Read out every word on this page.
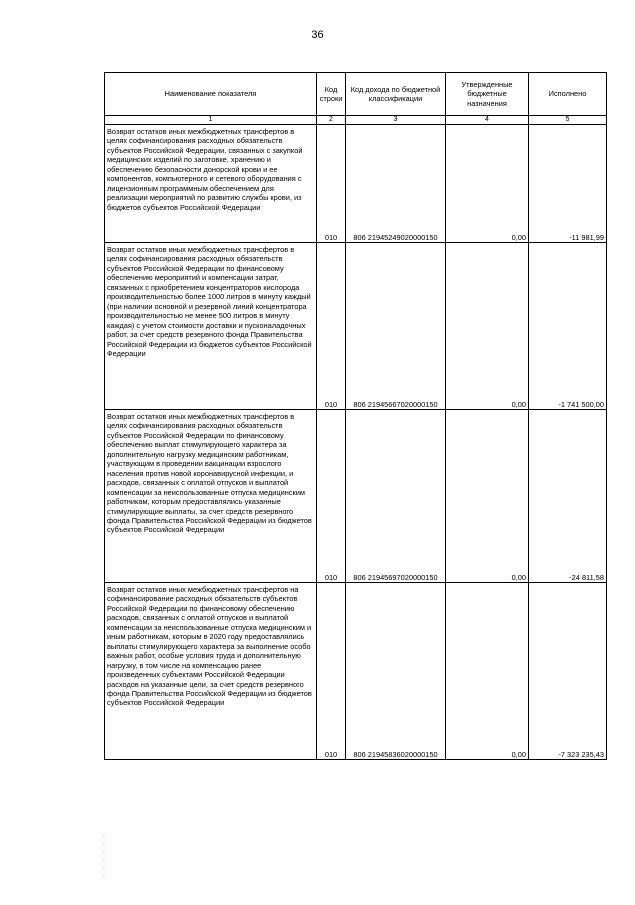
36
Наименование показателя	Код строки	Код дохода по бюджетной классификации	Утвержденные бюджетные назначения	Исполнено
1	2	3	4	5
Возврат остатков иных межбюджетных трансфертов в целях софинансирования расходных обязательств субъектов Российской Федерации, связанных с закупкой медицинских изделий по заготовке, хранению и обеспечению безопасности донорской крови и ее компонентов, компьютерного и сетевого оборудования с лицензионным программным обеспечением для реализации мероприятий по развитию службы крови, из бюджетов субъектов Российской Федерации	010	806 21945249020000150	0,00	-11 981,99
Возврат остатков иных межбюджетных трансфертов в целях софинансирования расходных обязательств субъектов Российской Федерации по финансовому обеспечению мероприятий и компенсации затрат, связанных с приобретением концентраторов кислорода производительностью более 1000 литров в минуту каждый (при наличии основной и резервной линий концентратора производительностью не менее 500 литров в минуту каждая) с учетом стоимости доставки и пусконаладочных работ, за счет средств резервного фонда Правительства Российской Федерации из бюджетов субъектов Российской Федерации	010	806 21945667020000150	0,00	-1 741 500,00
Возврат остатков иных межбюджетных трансфертов в целях софинансирования расходных обязательств субъектов Российской Федерации по финансовому обеспечению выплат стимулирующего характера за дополнительную нагрузку медицинским работникам, участвующим в проведении вакцинации взрослого населения против новой коронавирусной инфекции, и расходов, связанных с оплатой отпусков и выплатой компенсации за неиспользованные отпуска медицинским работникам, которым предоставлялись указанные стимулирующие выплаты, за счет средств резервного фонда Правительства Российской Федерации из бюджетов субъектов Российской Федерации	010	806 21945697020000150	0,00	-24 811,58
Возврат остатков иных межбюджетных трансфертов на софинансирование расходных обязательств субъектов Российской Федерации по финансовому обеспечению расходов, связанных с оплатой отпусков и выплатой компенсации за неиспользованные отпуска медицинским и иным работникам, которым в 2020 году предоставлялись выплаты стимулирующего характера за выполнение особо важных работ, особые условия труда и дополнительную нагрузку, в том числе на компенсацию ранее произведенных субъектами Российской Федерации расходов на указанные цели, за счет средств резервного фонда Правительства Российской Федерации из бюджетов субъектов Российской Федерации	010	806 21945836020000150	0,00	-7 323 235,43
. . . . . .
